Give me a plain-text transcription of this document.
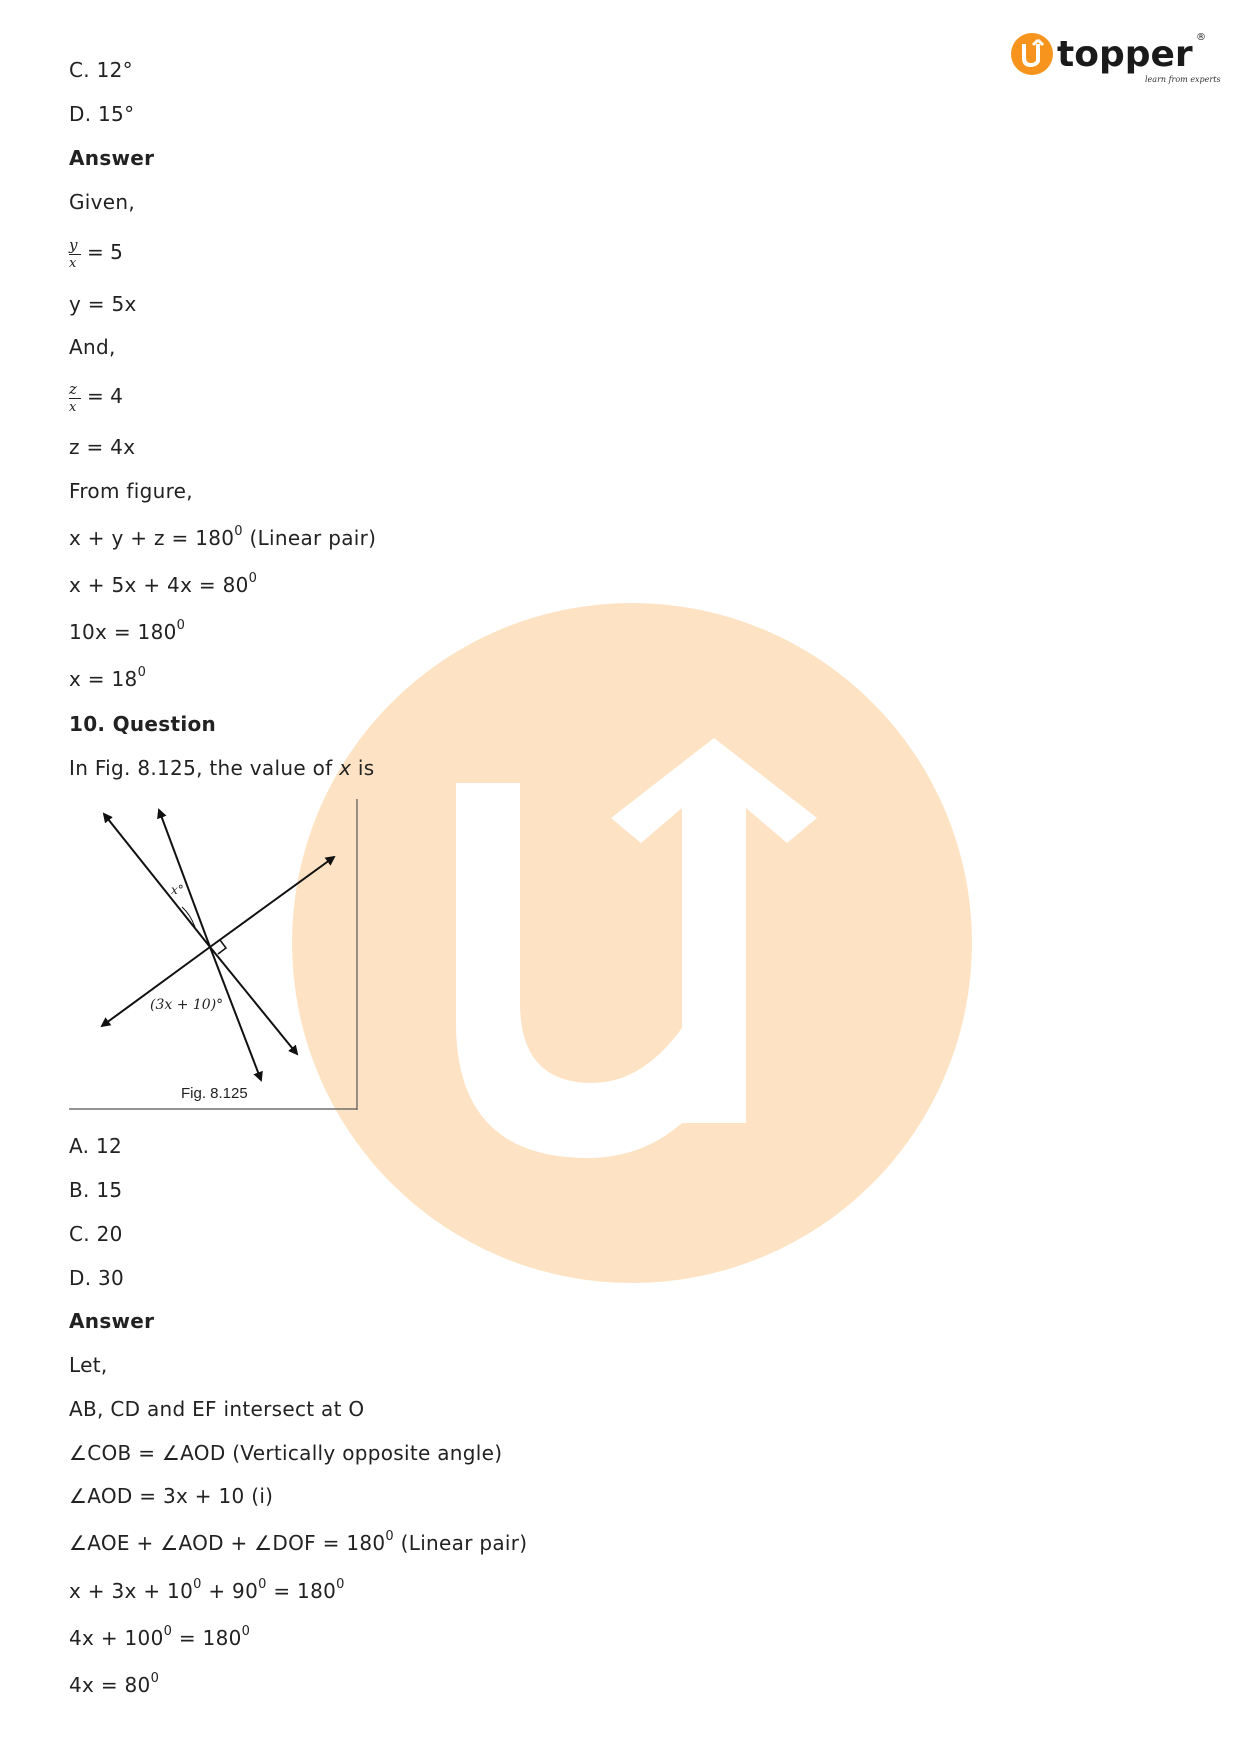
topper ®
learn from experts
C. 12°
D. 15°
Answer
Given,
y
x = 5
y = 5x
And,
z
x = 4
z = 4x
From figure,
$x + y + z = 180^0$ (Linear pair)
$x + 5x + 4x = 80^0$
$10x = 180^0$
$x = 18^0$
10. Question
In Fig. 8.125, the value of x is
A. 12
B. 15
C. 20
D. 30
Answer
Let,
AB, CD and EF intersect at O
∠COB = ∠AOD (Vertically opposite angle)
∠AOD = 3x + 10 (i)
∠AOE + ∠AOD + ∠DOF = $180^0$ (Linear pair)
$x + 3x + 10^0 + 90^0 = 180^0$
$4x + 100^0 = 180^0$
$4x = 80^0$
x°
(3x + 10)°
Fig. 8.125
